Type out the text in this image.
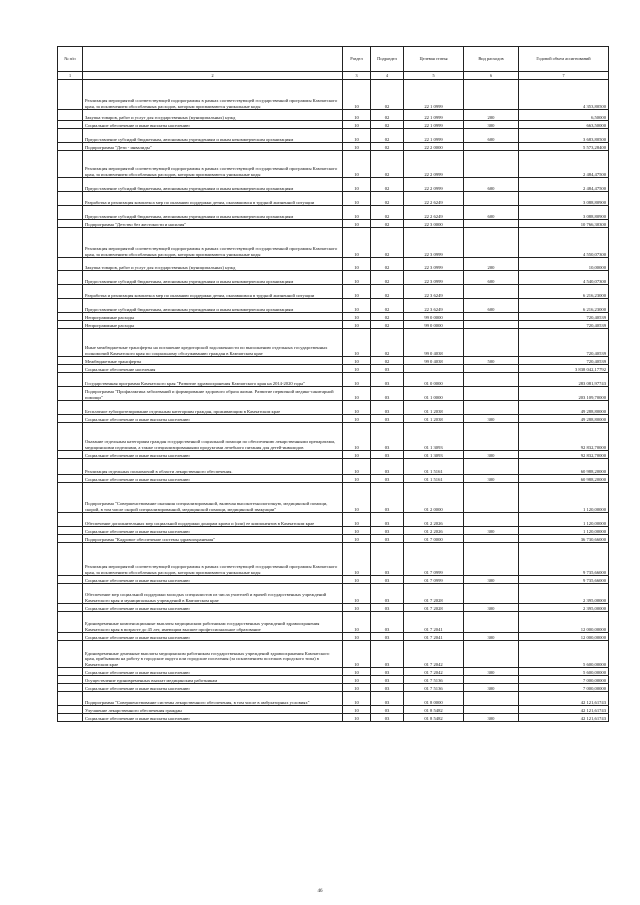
№ п/п		Раздел	Подраздел	Целевая статья	Вид расходов	Годовой объем ассигнований
1	2	3	4	5	6	7
	Реализация мероприятий соответствующей подпрограммы в рамках соответствующей государственной программы Камчатского края, за исключением обособленных расходов, которым присваиваются уникальные коды	10	02	22 1 0999		4 353,80500
	Закупка товаров, работ и услуг для государственных (муниципальных) нужд	10	02	22 1 0999	200	6,50000
	Социальное обеспечение и иные выплаты населению	10	02	22 1 0999	300	663,50000
	Предоставление субсидий бюджетным, автономным учреждениям и иным некоммерческим организациям	10	02	22 1 0999	600	3 683,80500
	Подпрограмма "Дети - инвалиды"	10	02	22 2 0000		5 573,28400
	Реализация мероприятий соответствующей подпрограммы в рамках соответствующей государственной программы Камчатского края, за исключением обособленных расходов, которым присваиваются уникальные коды	10	02	22 2 0999		2 484,47500
	Предоставление субсидий бюджетным, автономным учреждениям и иным некоммерческим организациям	10	02	22 2 0999	600	2 484,47500
	Разработка и реализация комплекса мер по оказанию поддержки детям, оказавшимся в трудной жизненной ситуации	10	02	22 2 6249		3 088,80900
	Предоставление субсидий бюджетным, автономным учреждениям и иным некоммерческим организациям	10	02	22 2 6249	600	3 088,80900
	Подпрограмма "Детство без жестокости и насилия"	10	02	22 3 0000		10 766,30300
	Реализация мероприятий соответствующей подпрограммы в рамках соответствующей государственной программы Камчатского края, за исключением обособленных расходов, которым присваиваются уникальные коды	10	02	22 3 0999		4 550,07300
	Закупка товаров, работ и услуг для государственных (муниципальных) нужд	10	02	22 3 0999	200	10,00000
	Предоставление субсидий бюджетным, автономным учреждениям и иным некоммерческим организациям	10	02	22 3 0999	600	4 540,07300
	Разработка и реализация комплекса мер по оказанию поддержки детям, оказавшимся в трудной жизненной ситуации	10	02	22 3 6249		6 216,23000
	Предоставление субсидий бюджетным, автономным учреждениям и иным некоммерческим организациям	10	02	22 3 6249	600	6 216,23000
	Непрограммные расходы	10	02	99 0 0000		720,40539
	Непрограммные расходы	10	02	99 0 0000		720,40539
	Иные межбюджетные трансферты на погашение кредиторской задолженности по выполнению отдельных государственных полномочий Камчатского края по социальному обслуживанию граждан в Камчатском крае	10	02	99 0 4038		720,40539
	Межбюджетные трансферты	10	02	99 0 4038	500	720,40539
	Социальное обеспечение населения	10	03			3 838 042,17792
	Государственная программа Камчатского края "Развитие здравоохранения Камчатского края на 2014-2020 годы"	10	03	01 0 0000		283 081,97743
	Подпрограмма "Профилактика заболеваний и формирование здорового образа жизни. Развитие первичной медико-санитарной помощи"	10	03	01 1 0000		203 109,70000
	Бесплатное зубопротезирование отдельным категориям граждан, проживающим в Камчатском крае	10	03	01 1 2038		49 288,80000
	Социальное обеспечение и иные выплаты населению	10	03	01 1 2038	300	49 288,80000
	Оказание отдельным категориям граждан государственной социальной помощи по обеспечению лекарственными препаратами, медицинскими изделиями, а также специализированными продуктами лечебного питания для детей-инвалидов	10	03	01 1 3093		92 832,70000
	Социальное обеспечение и иные выплаты населению	10	03	01 1 3093	300	92 832,70000
	Реализация отдельных полномочий в области лекарственного обеспечения.	10	03	01 1 5161		60 988,20000
	Социальное обеспечение и иные выплаты населению	10	03	01 1 5161	300	60 988,20000
	Подпрограмма "Совершенствование оказания специализированной, включая высокотехнологичную, медицинской помощи, скорой, в том числе скорой специализированной, медицинской помощи, медицинской эвакуации"	10	03	01 2 0000		1 120,00000
	Обеспечение дополнительных мер социальной поддержки донорам крови и (или) ее компонентов в Камчатском крае	10	03	01 2 2026		1 120,00000
	Социальное обеспечение и иные выплаты населению	10	03	01 2 2026	300	1 120,00000
	Подпрограмма "Кадровое обеспечение системы здравоохранения"	10	03	01 7 0000		36 730,66000
	Реализация мероприятий соответствующей подпрограммы в рамках соответствующей государственной программы Камчатского края, за исключением обособленных расходов, которым присваиваются уникальные коды	10	03	01 7 0999		9 735,66000
	Социальное обеспечение и иные выплаты населению	10	03	01 7 0999	300	9 735,66000
	Обеспечение мер социальной поддержки молодых специалистов из числа учителей и врачей государственных учреждений Камчатского края и муниципальных учреждений в Камчатском крае	10	03	01 7 2028		2 395,00000
	Социальное обеспечение и иные выплаты населению	10	03	01 7 2028	300	2 395,00000
	Единовременные компенсационные выплаты медицинским работникам государственных учреждений здравоохранения Камчатского края в возрасте до 45 лет, имеющим высшее профессиональное образование	10	03	01 7 2041		12 000,00000
	Социальное обеспечение и иные выплаты населению	10	03	01 7 2041	300	12 000,00000
	Единовременные денежные выплаты медицинским работникам государственных учреждений здравоохранения Камчатского края, прибывшим на работу в городские округа или городские поселения (за исключением поселков городского типа) в Камчатском крае	10	03	01 7 2042		5 600,00000
	Социальное обеспечение и иные выплаты населению	10	03	01 7 2042	300	5 600,00000
	Осуществление единовременных выплат медицинским работникам	10	03	01 7 5136		7 000,00000
	Социальное обеспечение и иные выплаты населению	10	03	01 7 5136	300	7 000,00000
	Подпрограмма "Совершенствование системы лекарственного обеспечения, в том числе в амбулаторных условиях"	10	03	01 8 0000		42 121,61743
	Улучшение лекарственного обеспечения граждан	10	03	01 8 5482		42 121,61743
	Социальное обеспечение и иные выплаты населению	10	03	01 8 5482	300	42 121,61743
46
